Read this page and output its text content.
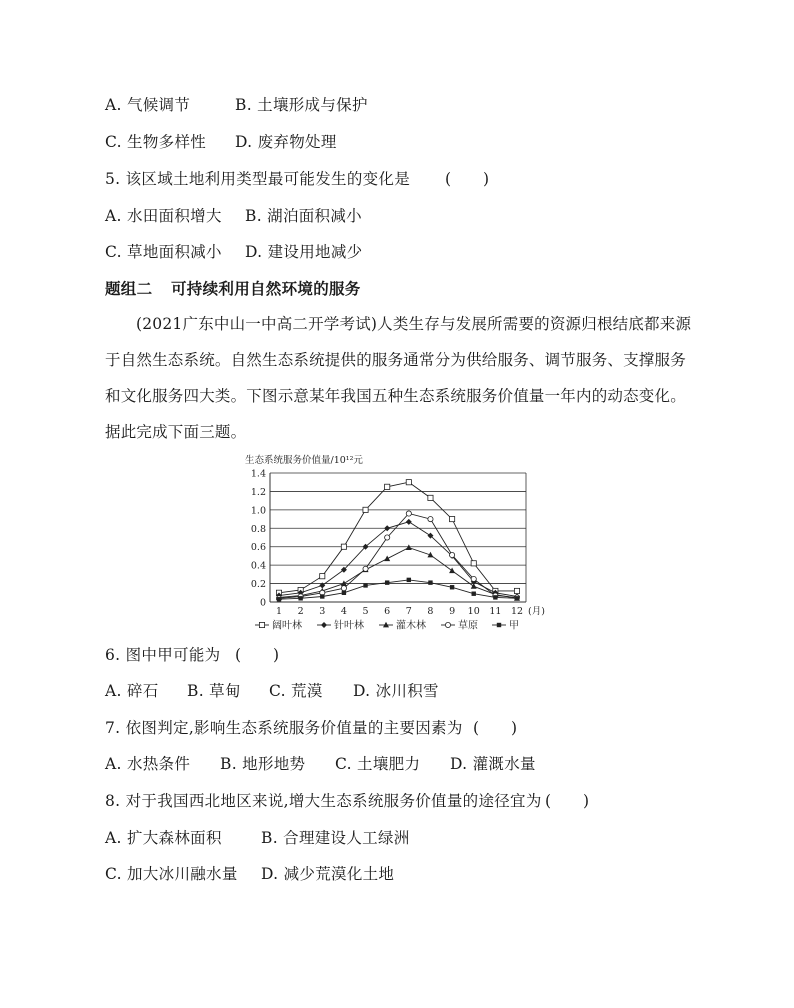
A. 气候调节	B. 土壤形成与保护
C. 生物多样性 D. 废弃物处理
5. 该区域土地利用类型最可能发生的变化是 (　　)
A. 水田面积增大 B. 湖泊面积减小
C. 草地面积减小 D. 建设用地减少
题组二 可持续利用自然环境的服务
(2021广东中山一中高二开学考试)人类生存与发展所需要的资源归根结底都来源于自然生态系统。自然生态系统提供的服务通常分为供给服务、调节服务、支撑服务和文化服务四大类。下图示意某年我国五种生态系统服务价值量一年内的动态变化。据此完成下面三题。
生态系统服务价值量/10¹²元
0
0.2
0.4
0.6
0.8
1.0
1.2
1.4
1 2 3 4 5 6 7 8 9 10 11 12 (月)
阔叶林	针叶林	灌木林	草原	甲
6. 图中甲可能为 (　　)
A. 碎石 B. 草甸 C. 荒漠 D. 冰川积雪
7. 依图判定,影响生态系统服务价值量的主要因素为 (　　)
A. 水热条件 B. 地形地势 C. 土壤肥力 D. 灌溉水量
8. 对于我国西北地区来说,增大生态系统服务价值量的途径宜为 (　　)
A. 扩大森林面积	B. 合理建设人工绿洲
C. 加大冰川融水量 D. 减少荒漠化土地
